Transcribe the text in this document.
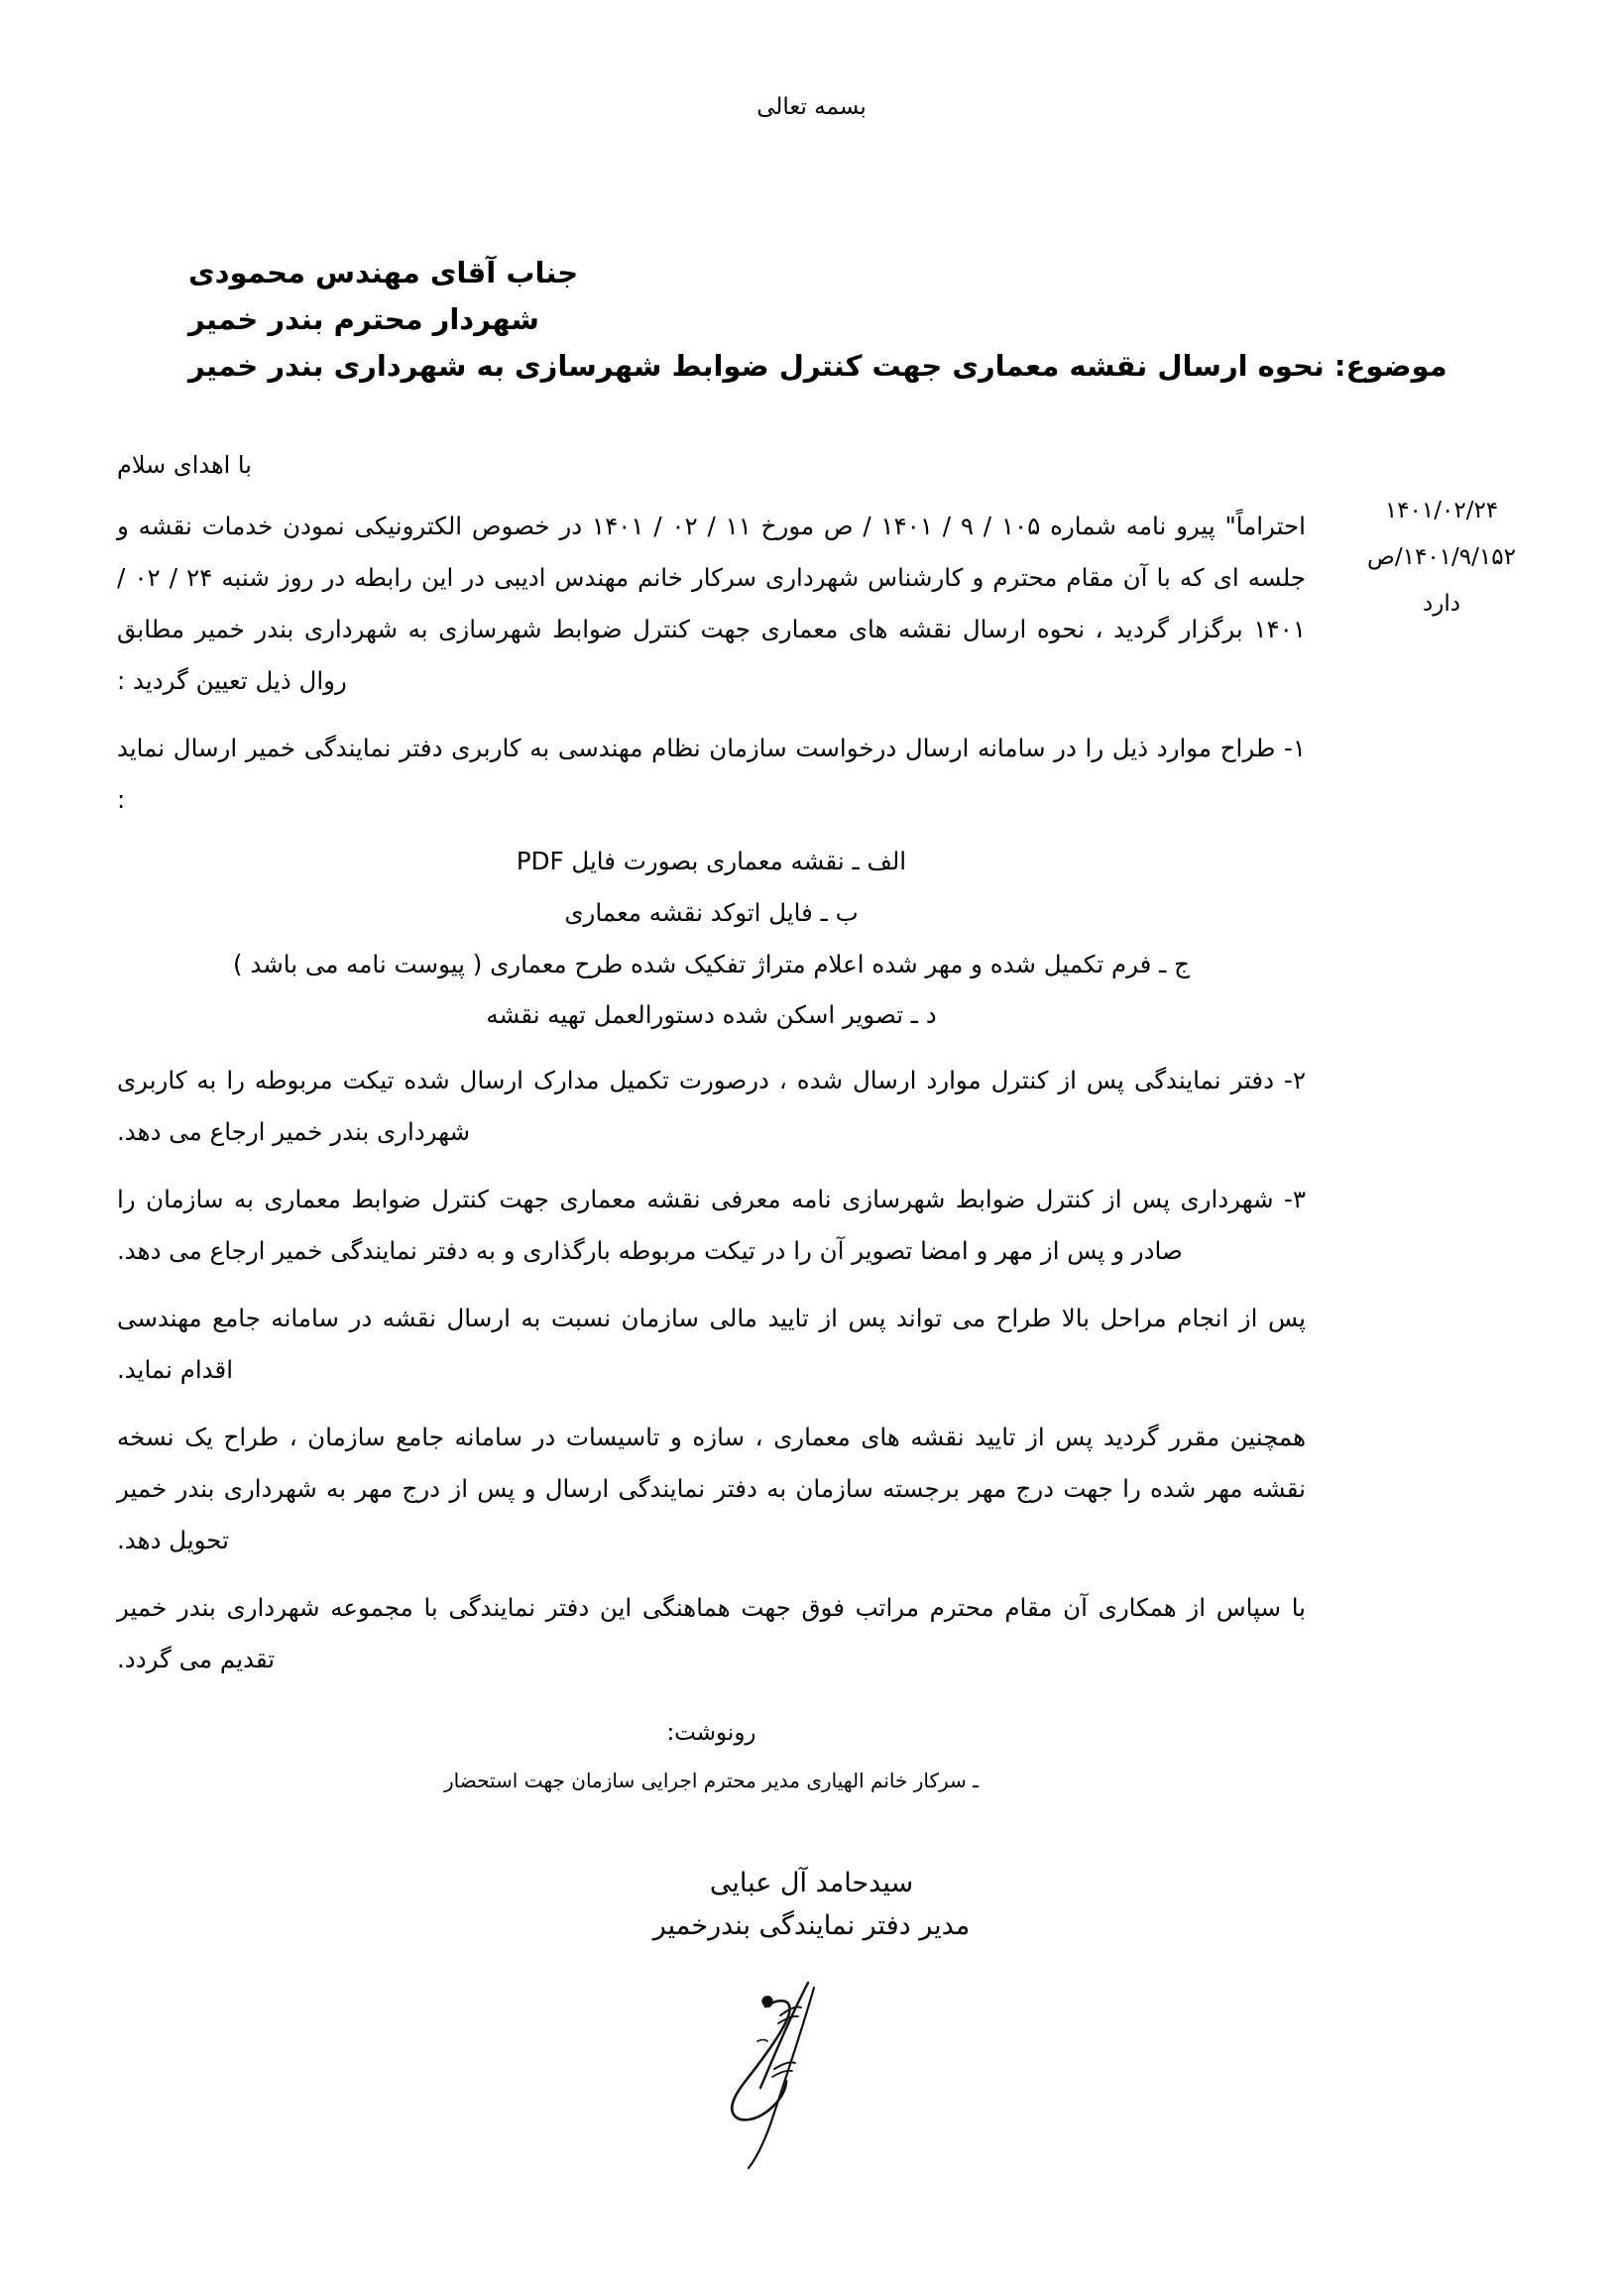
بسمه تعالی
جناب آقای مهندس محمودی
شهردار محترم بندر خمیر
موضوع: نحوه ارسال نقشه معماری جهت کنترل ضوابط شهرسازی به شهرداری بندر خمیر
۱۴۰۱/۰۲/۲۴
۱۴۰۱/۹/۱۵۲/ص
دارد
با اهدای سلام

احتراماً" پیرو نامه شماره ۱۰۵ / ۹ / ۱۴۰۱ / ص مورخ ۱۱ / ۰۲ / ۱۴۰۱ در خصوص الکترونیکی نمودن خدمات نقشه و جلسه ای که با آن مقام محترم و کارشناس شهرداری سرکار خانم مهندس ادیبی در این رابطه در روز شنبه ۲۴ / ۰۲ / ۱۴۰۱ برگزار گردید ، نحوه ارسال نقشه های معماری جهت کنترل ضوابط شهرسازی به شهرداری بندر خمیر مطابق روال ذیل تعیین گردید :

۱- طراح موارد ذیل را در سامانه ارسال درخواست سازمان نظام مهندسی به کاربری دفتر نمایندگی خمیر ارسال نماید :

الف ـ نقشه معماری بصورت فایل PDF
ب ـ فایل اتوکد نقشه معماری
ج ـ فرم تکمیل شده و مهر شده اعلام متراژ تفکیک شده طرح معماری ( پیوست نامه می باشد )
د ـ تصویر اسکن شده دستورالعمل تهیه نقشه

۲- دفتر نمایندگی پس از کنترل موارد ارسال شده ، درصورت تکمیل مدارک ارسال شده تیکت مربوطه را به کاربری شهرداری بندر خمیر ارجاع می دهد.

۳- شهرداری پس از کنترل ضوابط شهرسازی نامه معرفی نقشه معماری جهت کنترل ضوابط معماری به سازمان را صادر و پس از مهر و امضا تصویر آن را در تیکت مربوطه بارگذاری و به دفتر نمایندگی خمیر ارجاع می دهد.

پس از انجام مراحل بالا طراح می تواند پس از تایید مالی سازمان نسبت به ارسال نقشه در سامانه جامع مهندسی اقدام نماید.

همچنین مقرر گردید پس از تایید نقشه های معماری ، سازه و تاسیسات در سامانه جامع سازمان ، طراح یک نسخه نقشه مهر شده را جهت درج مهر برجسته سازمان به دفتر نمایندگی ارسال و پس از درج مهر به شهرداری بندر خمیر تحویل دهد.

با سپاس از همکاری آن مقام محترم مراتب فوق جهت هماهنگی این دفتر نمایندگی با مجموعه شهرداری بندر خمیر تقدیم می گردد.

رونوشت:
ـ سرکار خانم الهیاری مدیر محترم اجرایی سازمان جهت استحضار
سیدحامد آل عبایی
مدیر دفتر نمایندگی بندرخمیر
